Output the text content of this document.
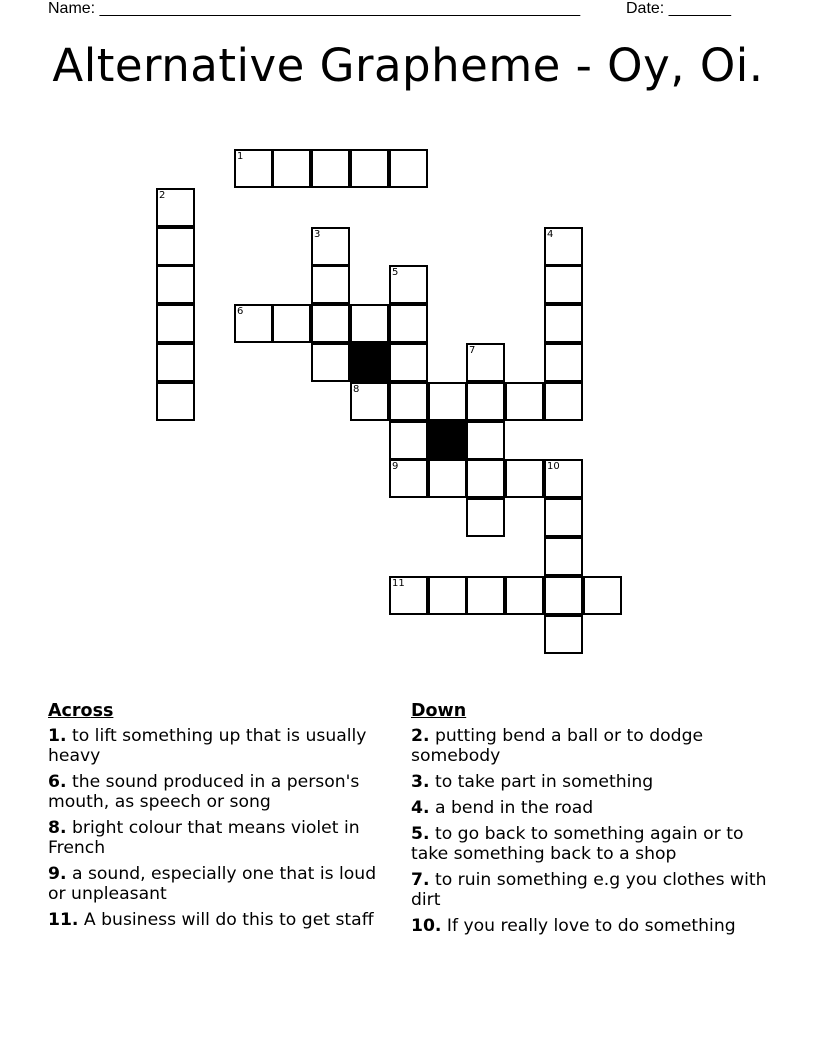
Name: ______________________________________________________	Date: _______
Alternative Grapheme - Oy, Oi.
1
2
3	4
5
6
7
8
9	10
11
Across
1. to lift something up that is usually heavy
6. the sound produced in a person's mouth, as speech or song
8. bright colour that means violet in French
9. a sound, especially one that is loud or unpleasant
11. A business will do this to get staff
Down
2. putting bend a ball or to dodge somebody
3. to take part in something
4. a bend in the road
5. to go back to something again or to take something back to a shop
7. to ruin something e.g you clothes with dirt
10. If you really love to do something
